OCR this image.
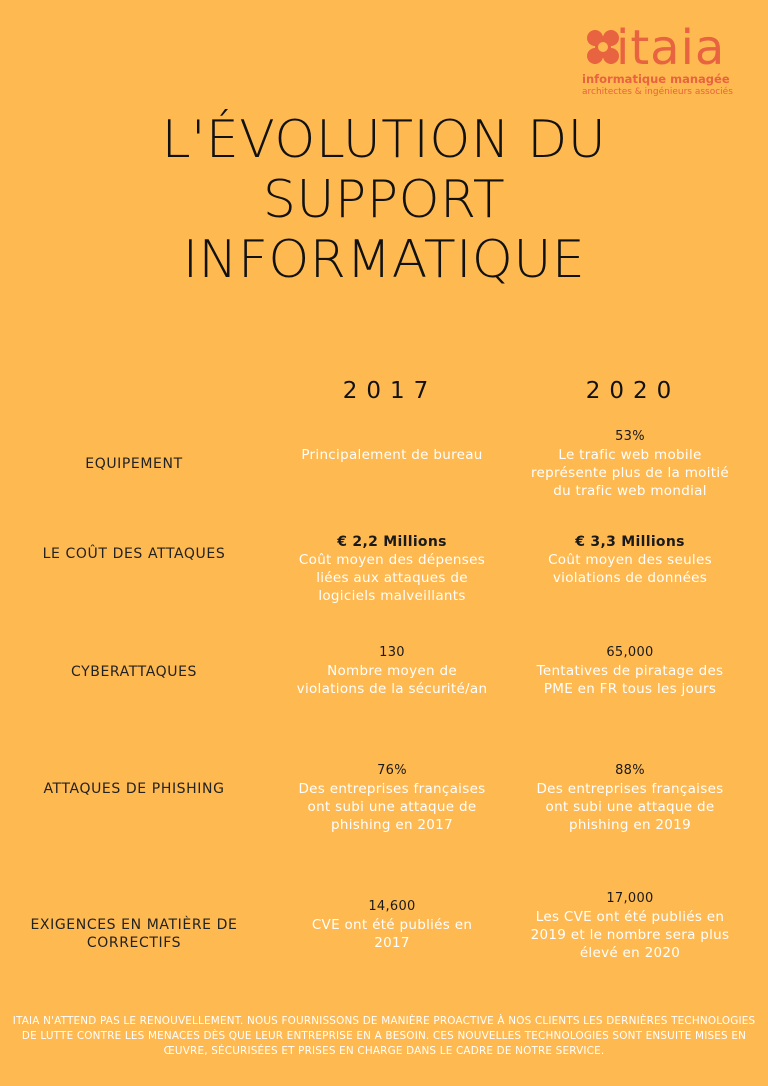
itaia
informatique managée
architectes & ingénieurs associés
L'ÉVOLUTION DU
SUPPORT
INFORMATIQUE
2017	2020
EQUIPEMENT
Principalement de bureau
53%
Le trafic web mobile représente plus de la moitié du trafic web mondial
LE COÛT DES ATTAQUES
€ 2,2 Millions
Coût moyen des dépenses liées aux attaques de logiciels malveillants
€ 3,3 Millions
Coût moyen des seules violations de données
CYBERATTAQUES
130
Nombre moyen de violations de la sécurité/an
65,000
Tentatives de piratage des PME en FR tous les jours
ATTAQUES DE PHISHING
76%
Des entreprises françaises ont subi une attaque de phishing en 2017
88%
Des entreprises françaises ont subi une attaque de phishing en 2019
EXIGENCES EN MATIÈRE DE CORRECTIFS
14,600
CVE ont été publiés en 2017
17,000
Les CVE ont été publiés en 2019 et le nombre sera plus élevé en 2020

ITAIA N'ATTEND PAS LE RENOUVELLEMENT. NOUS FOURNISSONS DE MANIÈRE PROACTIVE À NOS CLIENTS LES DERNIÈRES TECHNOLOGIES DE LUTTE CONTRE LES MENACES DÈS QUE LEUR ENTREPRISE EN A BESOIN. CES NOUVELLES TECHNOLOGIES SONT ENSUITE MISES EN ŒUVRE, SÉCURISÉES ET PRISES EN CHARGE DANS LE CADRE DE NOTRE SERVICE.
